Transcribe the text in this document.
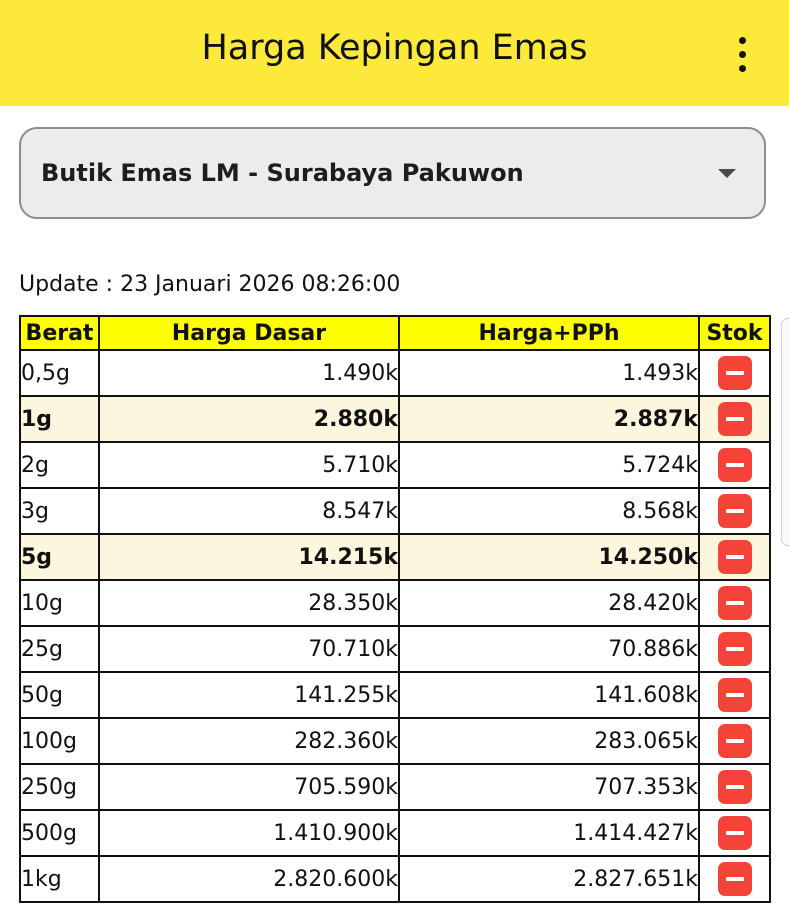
Harga Kepingan Emas
Butik Emas LM - Surabaya Pakuwon
Update : 23 Januari 2026 08:26:00
Berat	Harga Dasar	Harga+PPh	Stok
0,5g	1.490k	1.493k	
1g	2.880k	2.887k	
2g	5.710k	5.724k	
3g	8.547k	8.568k	
5g	14.215k	14.250k	
10g	28.350k	28.420k	
25g	70.710k	70.886k	
50g	141.255k	141.608k	
100g	282.360k	283.065k	
250g	705.590k	707.353k	
500g	1.410.900k	1.414.427k	
1kg	2.820.600k	2.827.651k	
